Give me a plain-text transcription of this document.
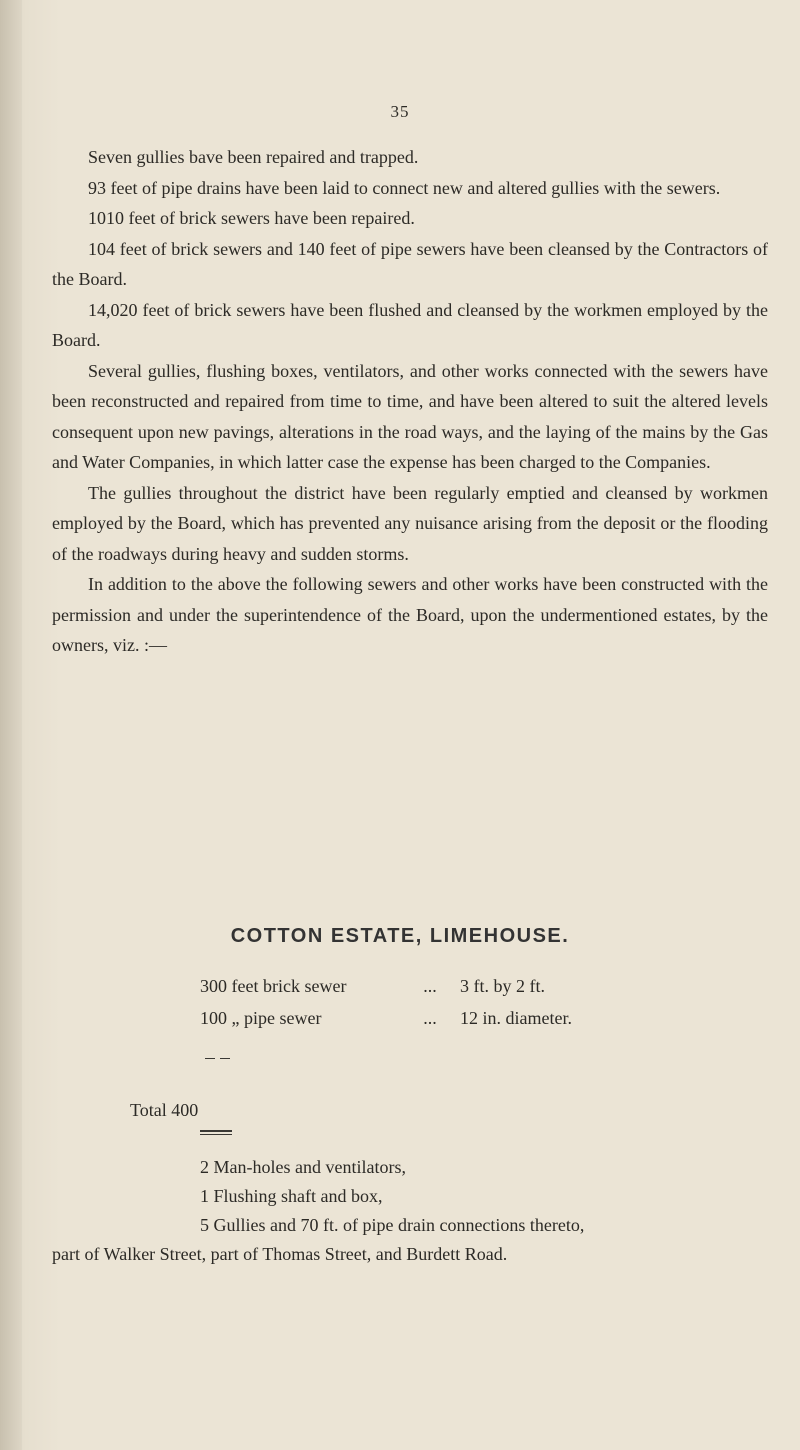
35

Seven gullies bave been repaired and trapped.

93 feet of pipe drains have been laid to connect new and altered gullies with the sewers.

1010 feet of brick sewers have been repaired.

104 feet of brick sewers and 140 feet of pipe sewers have been cleansed by the Contractors of the Board.

14,020 feet of brick sewers have been flushed and cleansed by the workmen employed by the Board.

Several gullies, flushing boxes, ventilators, and other works connected with the sewers have been reconstructed and repaired from time to time, and have been altered to suit the altered levels consequent upon new pavings, alterations in the road ways, and the laying of the mains by the Gas and Water Companies, in which latter case the expense has been charged to the Companies.

The gullies throughout the district have been regularly emptied and cleansed by workmen employed by the Board, which has prevented any nuisance arising from the deposit or the flooding of the roadways during heavy and sudden storms.

In addition to the above the following sewers and other works have been constructed with the permission and under the superintendence of the Board, upon the undermentioned estates, by the owners, viz. :—

COTTON ESTATE, LIMEHOUSE.
300 feet brick sewer	... 3 ft. by 2 ft.
100 „ pipe sewer	... 12 in. diameter.
Total 400

2 Man-holes and ventilators,

1 Flushing shaft and box,

5 Gullies and 70 ft. of pipe drain connections thereto,

part of Walker Street, part of Thomas Street, and Burdett Road.
